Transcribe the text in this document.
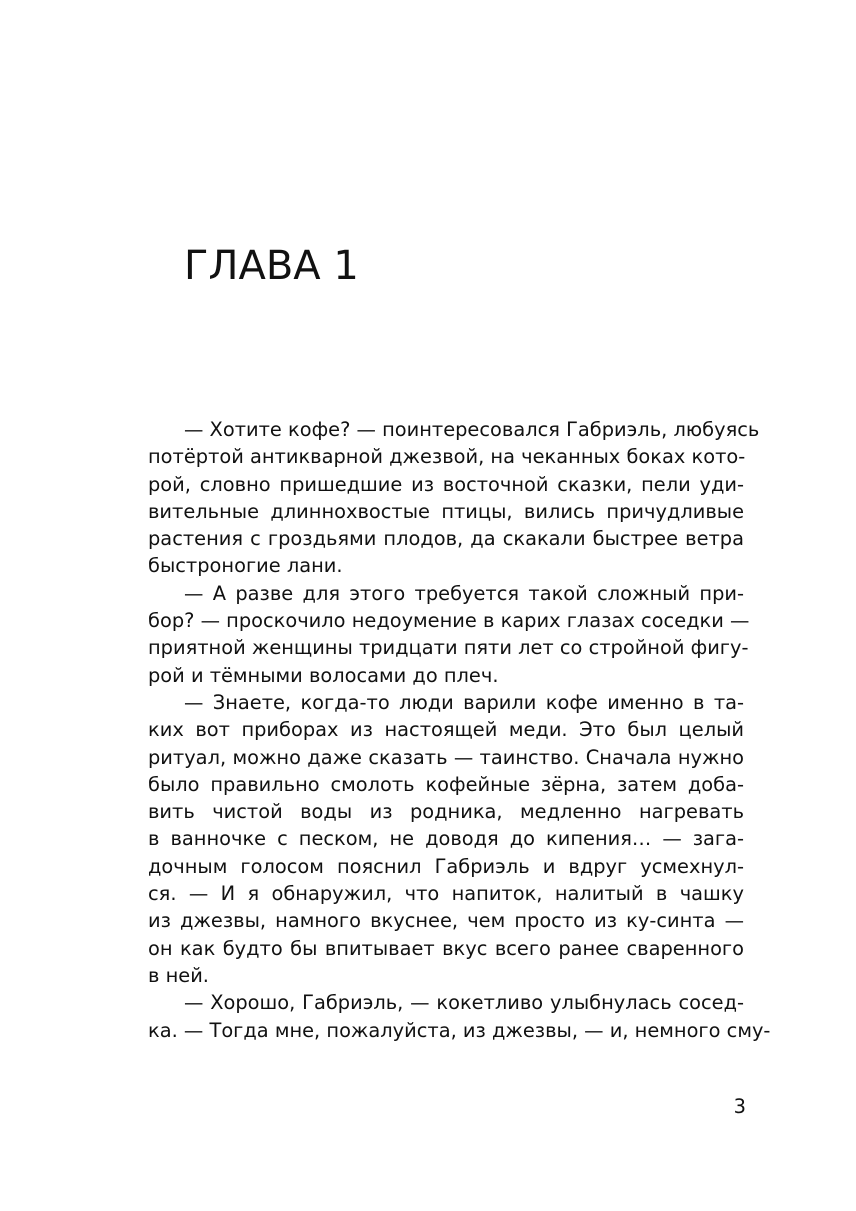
ГЛАВА 1
— Хотите кофе? — поинтересовался Габриэль, любуясь
потёртой антикварной джезвой, на чеканных боках кото-
рой, словно пришедшие из восточной сказки, пели уди-
вительные длиннохвостые птицы, вились причудливые
растения с гроздьями плодов, да скакали быстрее ветра
быстроногие лани.
— А разве для этого требуется такой сложный при-
бор? — проскочило недоумение в карих глазах соседки —
приятной женщины тридцати пяти лет со стройной фигу-
рой и тёмными волосами до плеч.
— Знаете, когда-то люди варили кофе именно в та-
ких вот приборах из настоящей меди. Это был целый
ритуал, можно даже сказать — таинство. Сначала нужно
было правильно смолоть кофейные зёрна, затем доба-
вить чистой воды из родника, медленно нагревать
в ванночке с песком, не доводя до кипения… — зага-
дочным голосом пояснил Габриэль и вдруг усмехнул-
ся. — И я обнаружил, что напиток, налитый в чашку
из джезвы, намного вкуснее, чем просто из ку-синта —
он как будто бы впитывает вкус всего ранее сваренного
в ней.
— Хорошо, Габриэль, — кокетливо улыбнулась сосед-
ка. — Тогда мне, пожалуйста, из джезвы, — и, немного сму-
3
